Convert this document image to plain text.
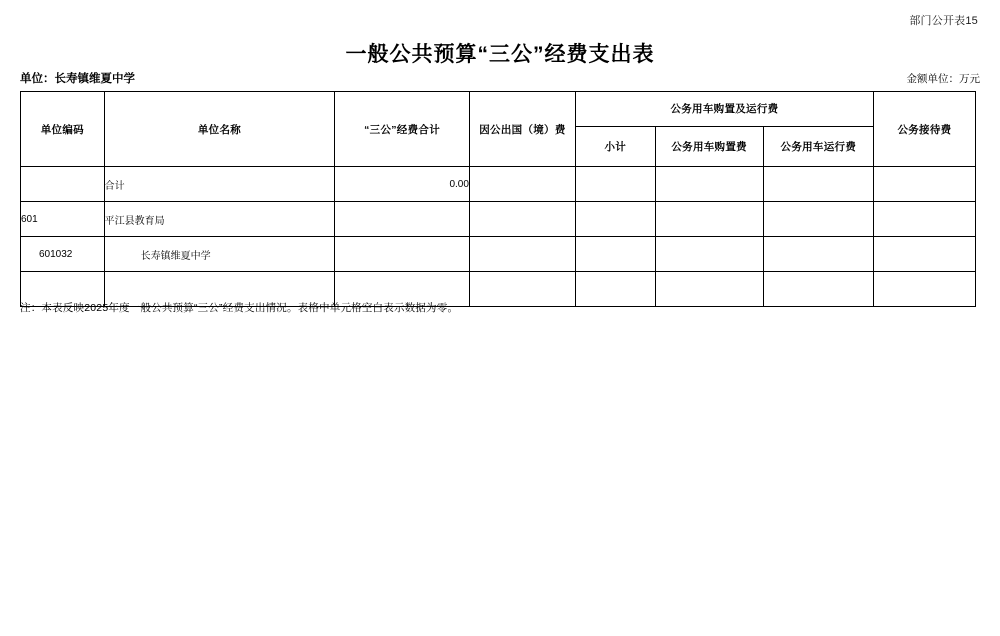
部门公开表15
一般公共预算“三公”经费支出表
单位：长寿镇维夏中学	金额单位：万元
单位编码	单位名称	“三公”经费合计	因公出国（境）费	公务用车购置及运行费			公务接待费
				小计	公务用车购置费	公务用车运行费	
	合计	0.00					
601	平江县教育局						
601032	长寿镇维夏中学						

注：本表反映2025年度一般公共预算“三公”经费支出情况。表格中单元格空白表示数据为零。
